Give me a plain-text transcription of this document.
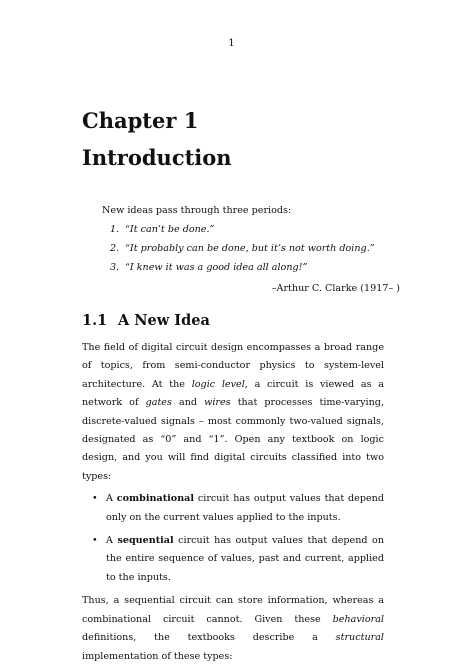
1
Chapter 1
Introduction
New ideas pass through three periods:
1. “It can’t be done.”
2. “It probably can be done, but it’s not worth doing.”
3. “I knew it was a good idea all along!”
–Arthur C. Clarke (1917– )
1.1 A New Idea

The field of digital circuit design encompasses a broad range of topics, from semi-conductor physics to system-level architecture. At the logic level, a circuit is viewed as a network of gates and wires that processes time-varying, discrete-valued signals – most commonly two-valued signals, designated as “0” and “1”. Open any textbook on logic design, and you will find digital circuits classified into two types:

• A combinational circuit has output values that depend only on the current values applied to the inputs.
• A sequential circuit has output values that depend on the entire sequence of values, past and current, applied to the inputs.

Thus, a sequential circuit can store information, whereas a combinational circuit cannot. Given these behavioral definitions, the textbooks describe a structural implementation of these types:
